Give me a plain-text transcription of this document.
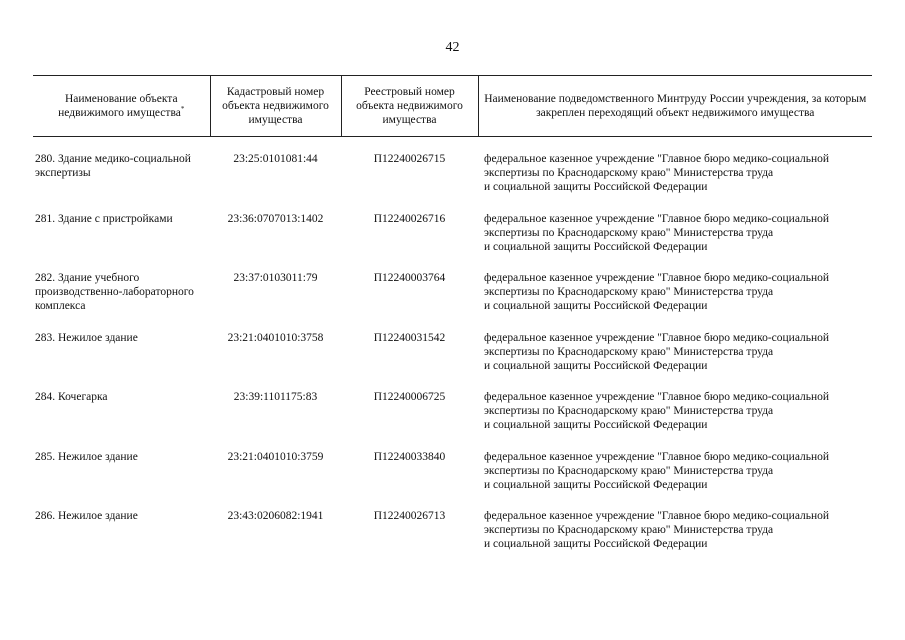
42
Наименование объекта недвижимого имущества*	Кадастровый номер объекта недвижимого имущества	Реестровый номер объекта недвижимого имущества	Наименование подведомственного Минтруду России учреждения, за которым закреплен переходящий объект недвижимого имущества

280. Здание медико-социальной экспертизы	23:25:0101081:44	П12240026715	федеральное казенное учреждение "Главное бюро медико-социальной
экспертизы по Краснодарскому краю" Министерства труда
и социальной защиты Российской Федерации
281. Здание с пристройками	23:36:0707013:1402	П12240026716	федеральное казенное учреждение "Главное бюро медико-социальной
экспертизы по Краснодарскому краю" Министерства труда
и социальной защиты Российской Федерации
282. Здание учебного производственно-лабораторного комплекса	23:37:0103011:79	П12240003764	федеральное казенное учреждение "Главное бюро медико-социальной
экспертизы по Краснодарскому краю" Министерства труда
и социальной защиты Российской Федерации
283. Нежилое здание	23:21:0401010:3758	П12240031542	федеральное казенное учреждение "Главное бюро медико-социальной
экспертизы по Краснодарскому краю" Министерства труда
и социальной защиты Российской Федерации
284. Кочегарка	23:39:1101175:83	П12240006725	федеральное казенное учреждение "Главное бюро медико-социальной
экспертизы по Краснодарскому краю" Министерства труда
и социальной защиты Российской Федерации
285. Нежилое здание	23:21:0401010:3759	П12240033840	федеральное казенное учреждение "Главное бюро медико-социальной
экспертизы по Краснодарскому краю" Министерства труда
и социальной защиты Российской Федерации
286. Нежилое здание	23:43:0206082:1941	П12240026713	федеральное казенное учреждение "Главное бюро медико-социальной
экспертизы по Краснодарскому краю" Министерства труда
и социальной защиты Российской Федерации
